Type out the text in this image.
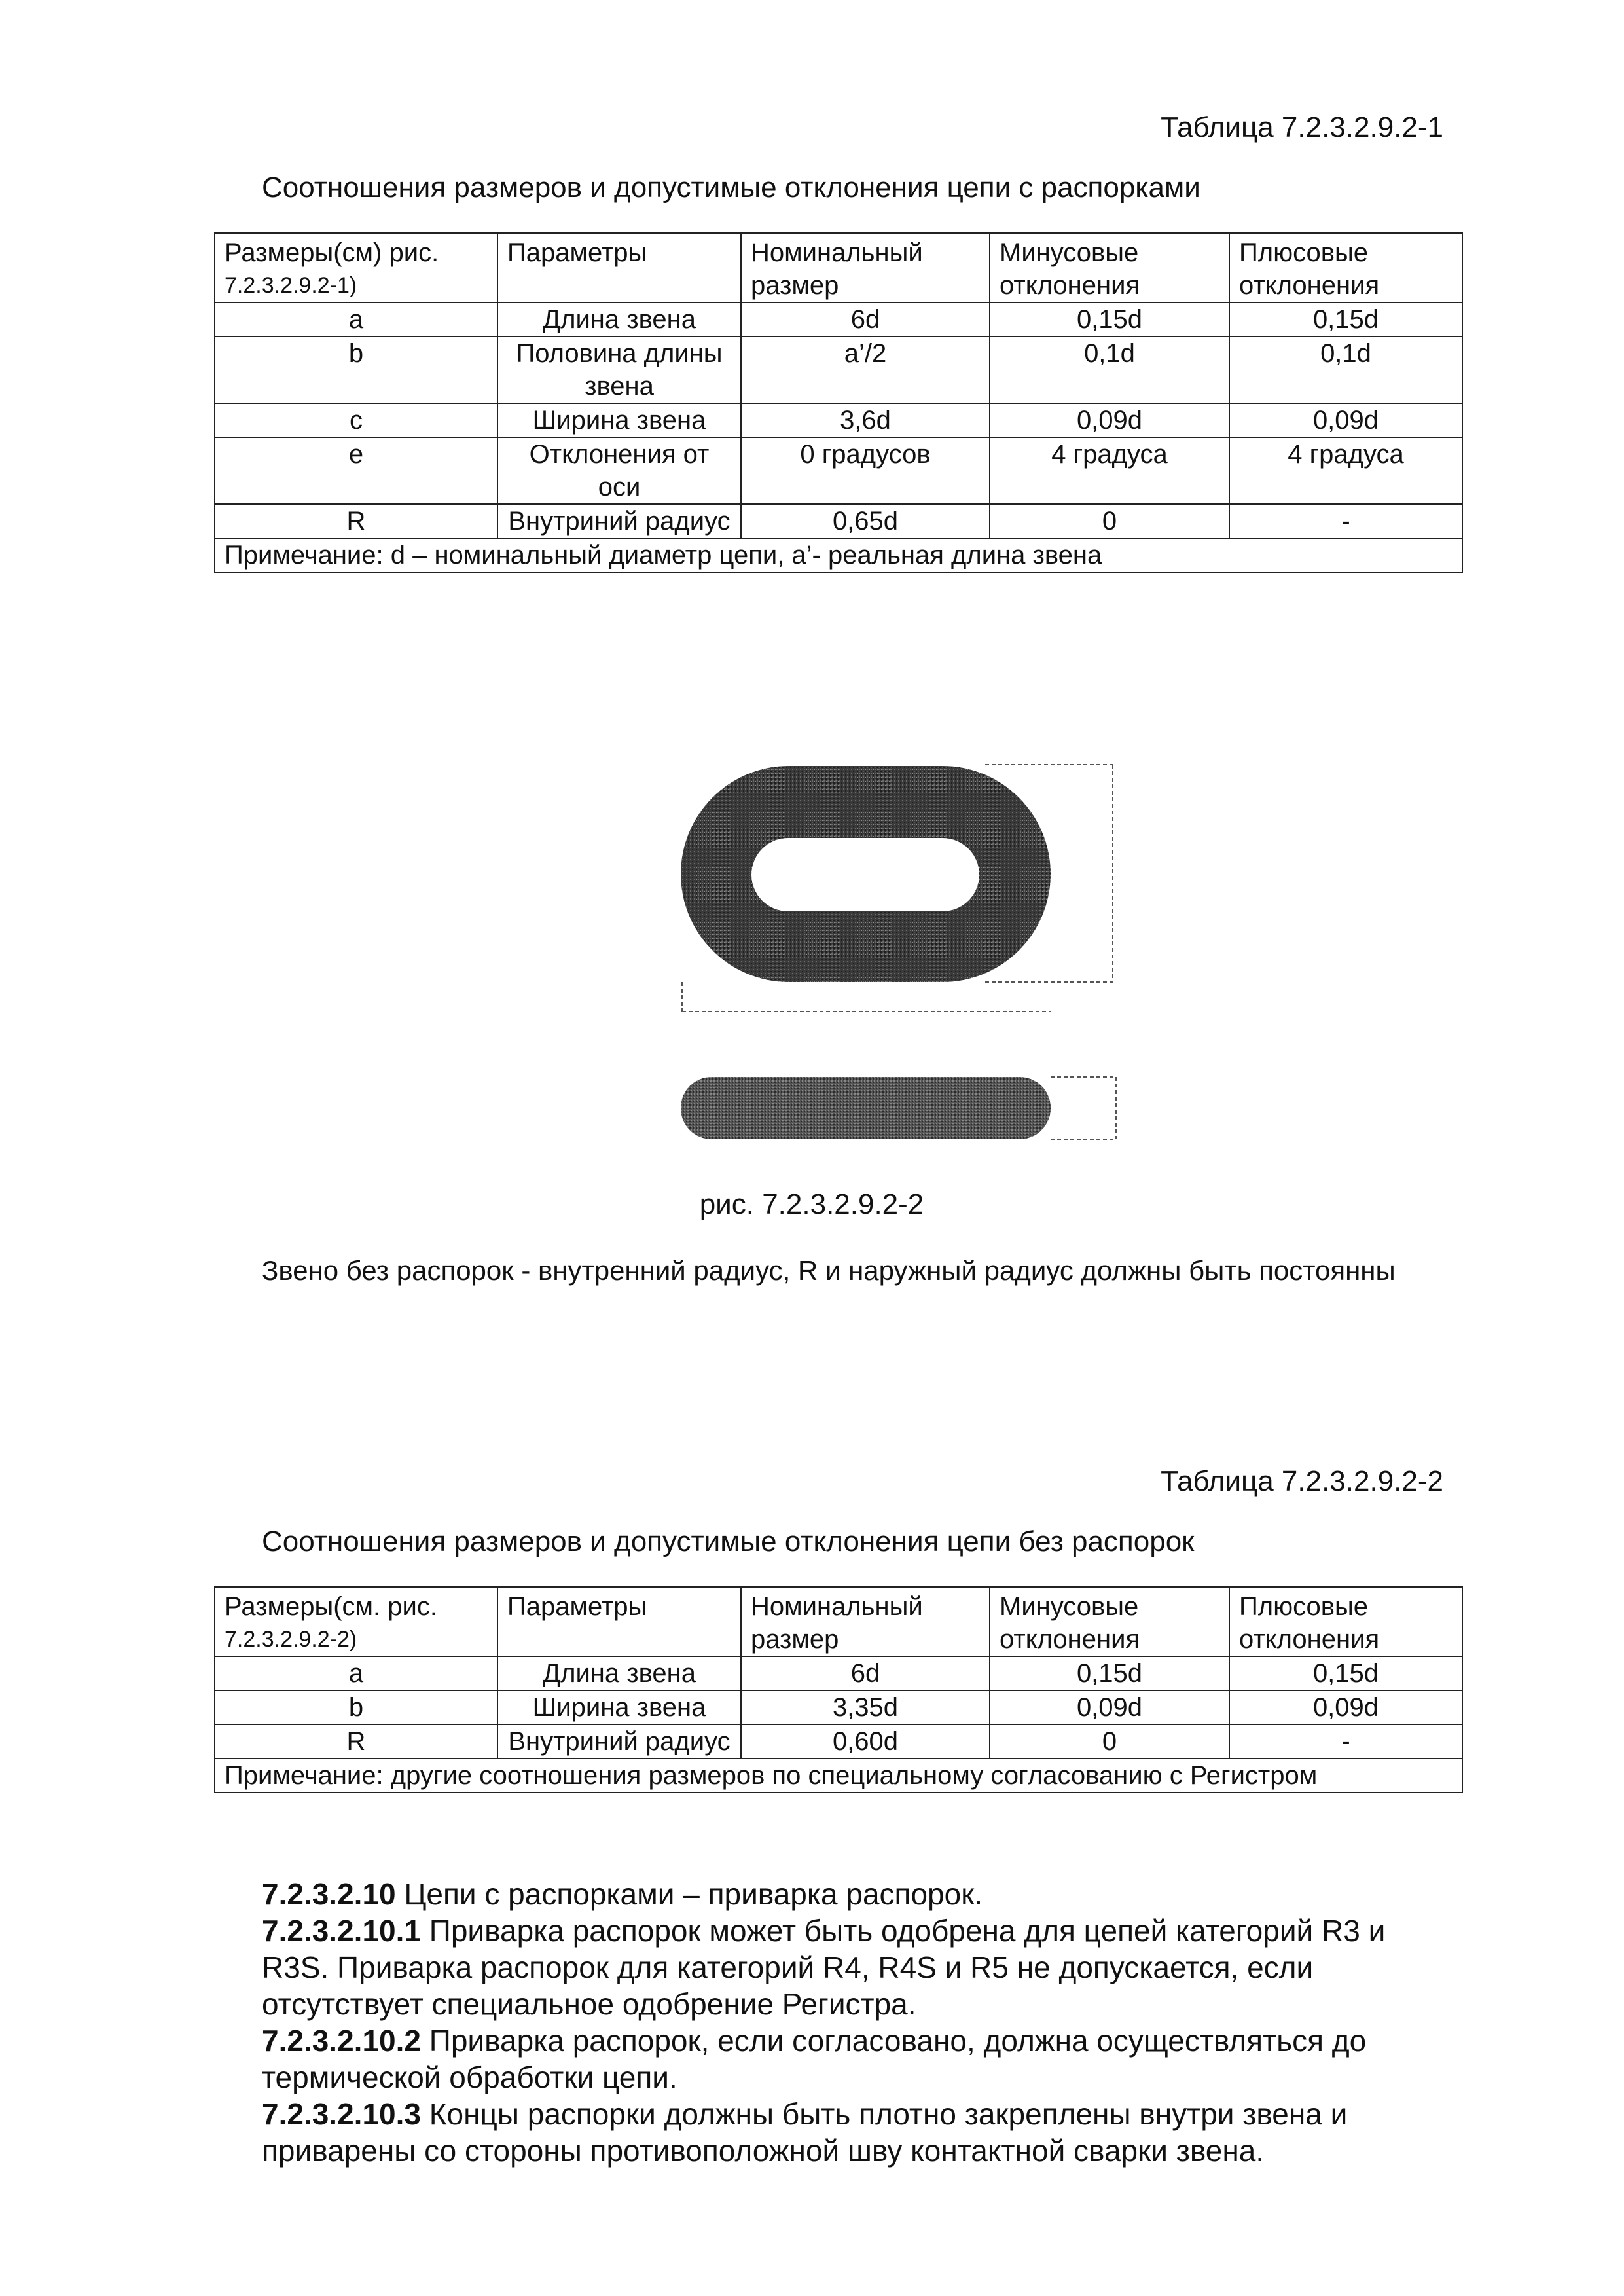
Таблица 7.2.3.2.9.2-1
Соотношения размеров и допустимые отклонения цепи с распорками
Размеры(см) рис.
7.2.3.2.9.2-1)	Параметры	Номинальный размер	Минусовые отклонения	Плюсовые отклонения
a	Длина звена	6d	0,15d	0,15d
b	Половина длины звена	a’/2	0,1d	0,1d
c	Ширина звена	3,6d	0,09d	0,09d
e	Отклонения от оси	0 градусов	4 градуса	4 градуса
R	Внутриний радиус	0,65d	0	-
Примечание: d – номинальный диаметр цепи, a’- реальная длина звена				
рис. 7.2.3.2.9.2-2
Звено без распорок - внутренний радиус, R и наружный радиус должны быть постоянны
Таблица 7.2.3.2.9.2-2
Соотношения размеров и допустимые отклонения цепи без распорок
Размеры(см. рис.
7.2.3.2.9.2-2)	Параметры	Номинальный размер	Минусовые отклонения	Плюсовые отклонения
a	Длина звена	6d	0,15d	0,15d
b	Ширина звена	3,35d	0,09d	0,09d
R	Внутриний радиус	0,60d	0	-
Примечание: другие соотношения размеров по специальному согласованию с Регистром				

7.2.3.2.10 Цепи с распорками – приварка распорок.

7.2.3.2.10.1 Приварка распорок может быть одобрена для цепей категорий R3 и R3S. Приварка распорок для категорий R4, R4S и R5 не допускается, если отсутствует специальное одобрение Регистра.

7.2.3.2.10.2 Приварка распорок, если согласовано, должна осуществляться до термической обработки цепи.

7.2.3.2.10.3 Концы распорки должны быть плотно закреплены внутри звена и приварены со стороны противоположной шву контактной сварки звена.
